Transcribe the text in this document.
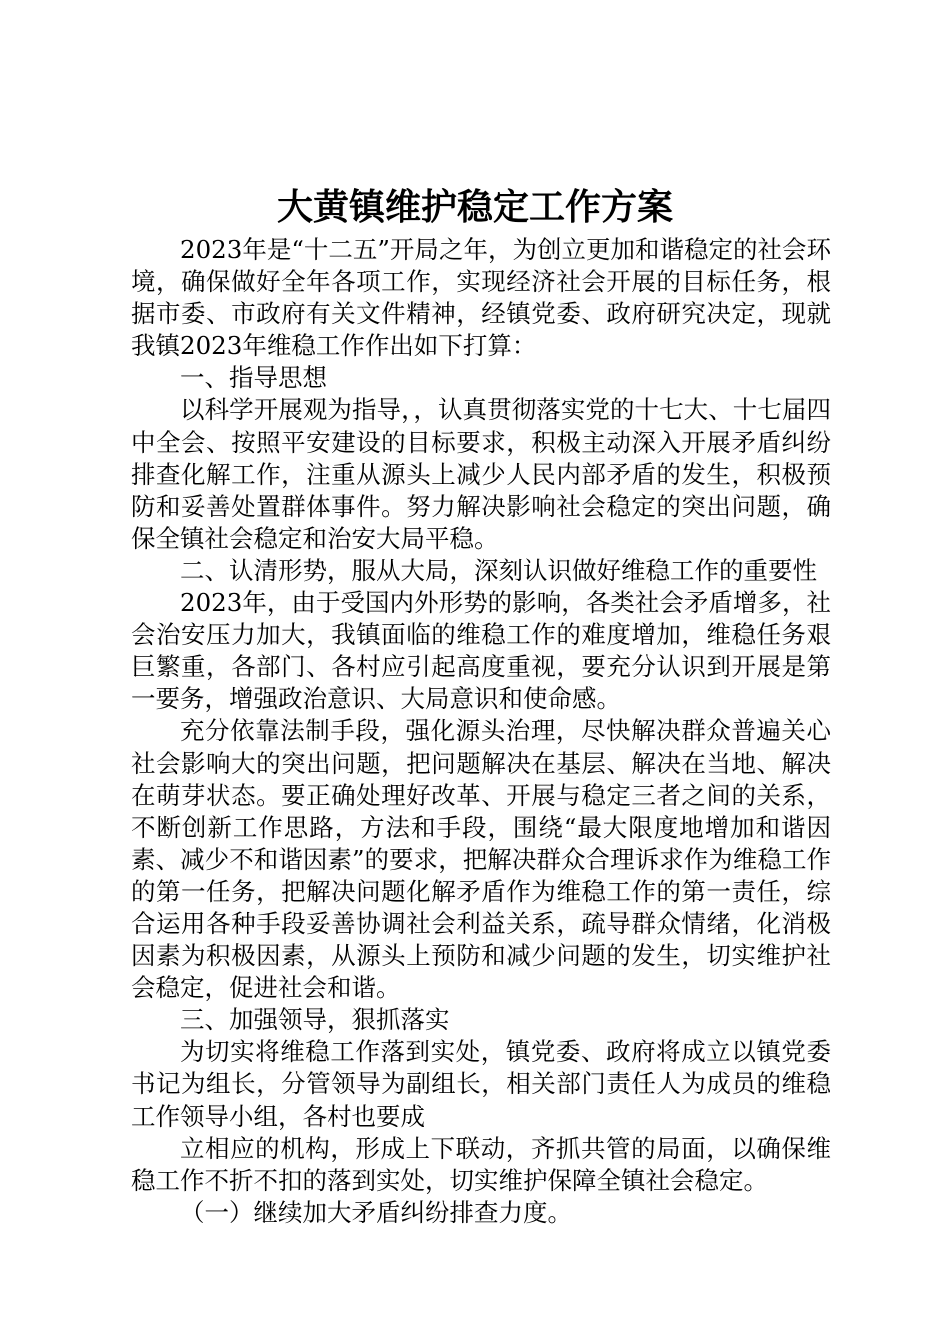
大黄镇维护稳定工作方案

2023年是“十二五”开局之年，为创立更加和谐稳定的社会环境，确保做好全年各项工作，实现经济社会开展的目标任务，根据市委、市政府有关文件精神，经镇党委、政府研究决定，现就我镇2023年维稳工作作出如下打算：

一、指导思想

以科学开展观为指导，，认真贯彻落实党的十七大、十七届四中全会、按照平安建设的目标要求，积极主动深入开展矛盾纠纷排查化解工作，注重从源头上减少人民内部矛盾的发生，积极预防和妥善处置群体事件。努力解决影响社会稳定的突出问题，确保全镇社会稳定和治安大局平稳。

二、认清形势，服从大局，深刻认识做好维稳工作的重要性

2023年，由于受国内外形势的影响，各类社会矛盾增多，社会治安压力加大，我镇面临的维稳工作的难度增加，维稳任务艰巨繁重，各部门、各村应引起高度重视，要充分认识到开展是第一要务，增强政治意识、大局意识和使命感。

充分依靠法制手段，强化源头治理，尽快解决群众普遍关心社会影响大的突出问题，把问题解决在基层、解决在当地、解决在萌芽状态。要正确处理好改革、开展与稳定三者之间的关系，不断创新工作思路，方法和手段，围绕“最大限度地增加和谐因素、减少不和谐因素”的要求，把解决群众合理诉求作为维稳工作的第一任务，把解决问题化解矛盾作为维稳工作的第一责任，综合运用各种手段妥善协调社会利益关系，疏导群众情绪，化消极因素为积极因素，从源头上预防和减少问题的发生，切实维护社会稳定，促进社会和谐。

三、加强领导，狠抓落实

为切实将维稳工作落到实处，镇党委、政府将成立以镇党委书记为组长，分管领导为副组长，相关部门责任人为成员的维稳工作领导小组，各村也要成

立相应的机构，形成上下联动，齐抓共管的局面，以确保维稳工作不折不扣的落到实处，切实维护保障全镇社会稳定。

（一）继续加大矛盾纠纷排查力度。
